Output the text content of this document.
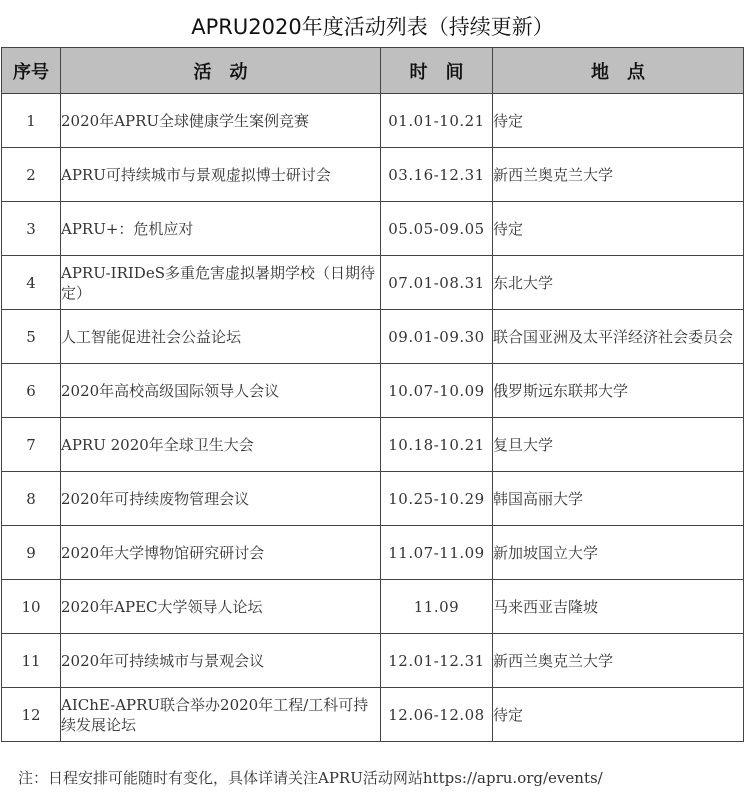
APRU2020年度活动列表（持续更新）
序号	活　动	时　间	地　点
1	2020年APRU全球健康学生案例竞赛	01.01-10.21	待定
2	APRU可持续城市与景观虚拟博士研讨会	03.16-12.31	新西兰奥克兰大学
3	APRU+：危机应对	05.05-09.05	待定
4	APRU-IRIDeS多重危害虚拟暑期学校（日期待定）	07.01-08.31	东北大学
5	人工智能促进社会公益论坛	09.01-09.30	联合国亚洲及太平洋经济社会委员会
6	2020年高校高级国际领导人会议	10.07-10.09	俄罗斯远东联邦大学
7	APRU 2020年全球卫生大会	10.18-10.21	复旦大学
8	2020年可持续废物管理会议	10.25-10.29	韩国高丽大学
9	2020年大学博物馆研究研讨会	11.07-11.09	新加坡国立大学
10	2020年APEC大学领导人论坛	11.09	马来西亚吉隆坡
11	2020年可持续城市与景观会议	12.01-12.31	新西兰奥克兰大学
12	AIChE-APRU联合举办2020年工程/工科可持续发展论坛	12.06-12.08	待定
注：日程安排可能随时有变化，具体详请关注APRU活动网站https://apru.org/events/
